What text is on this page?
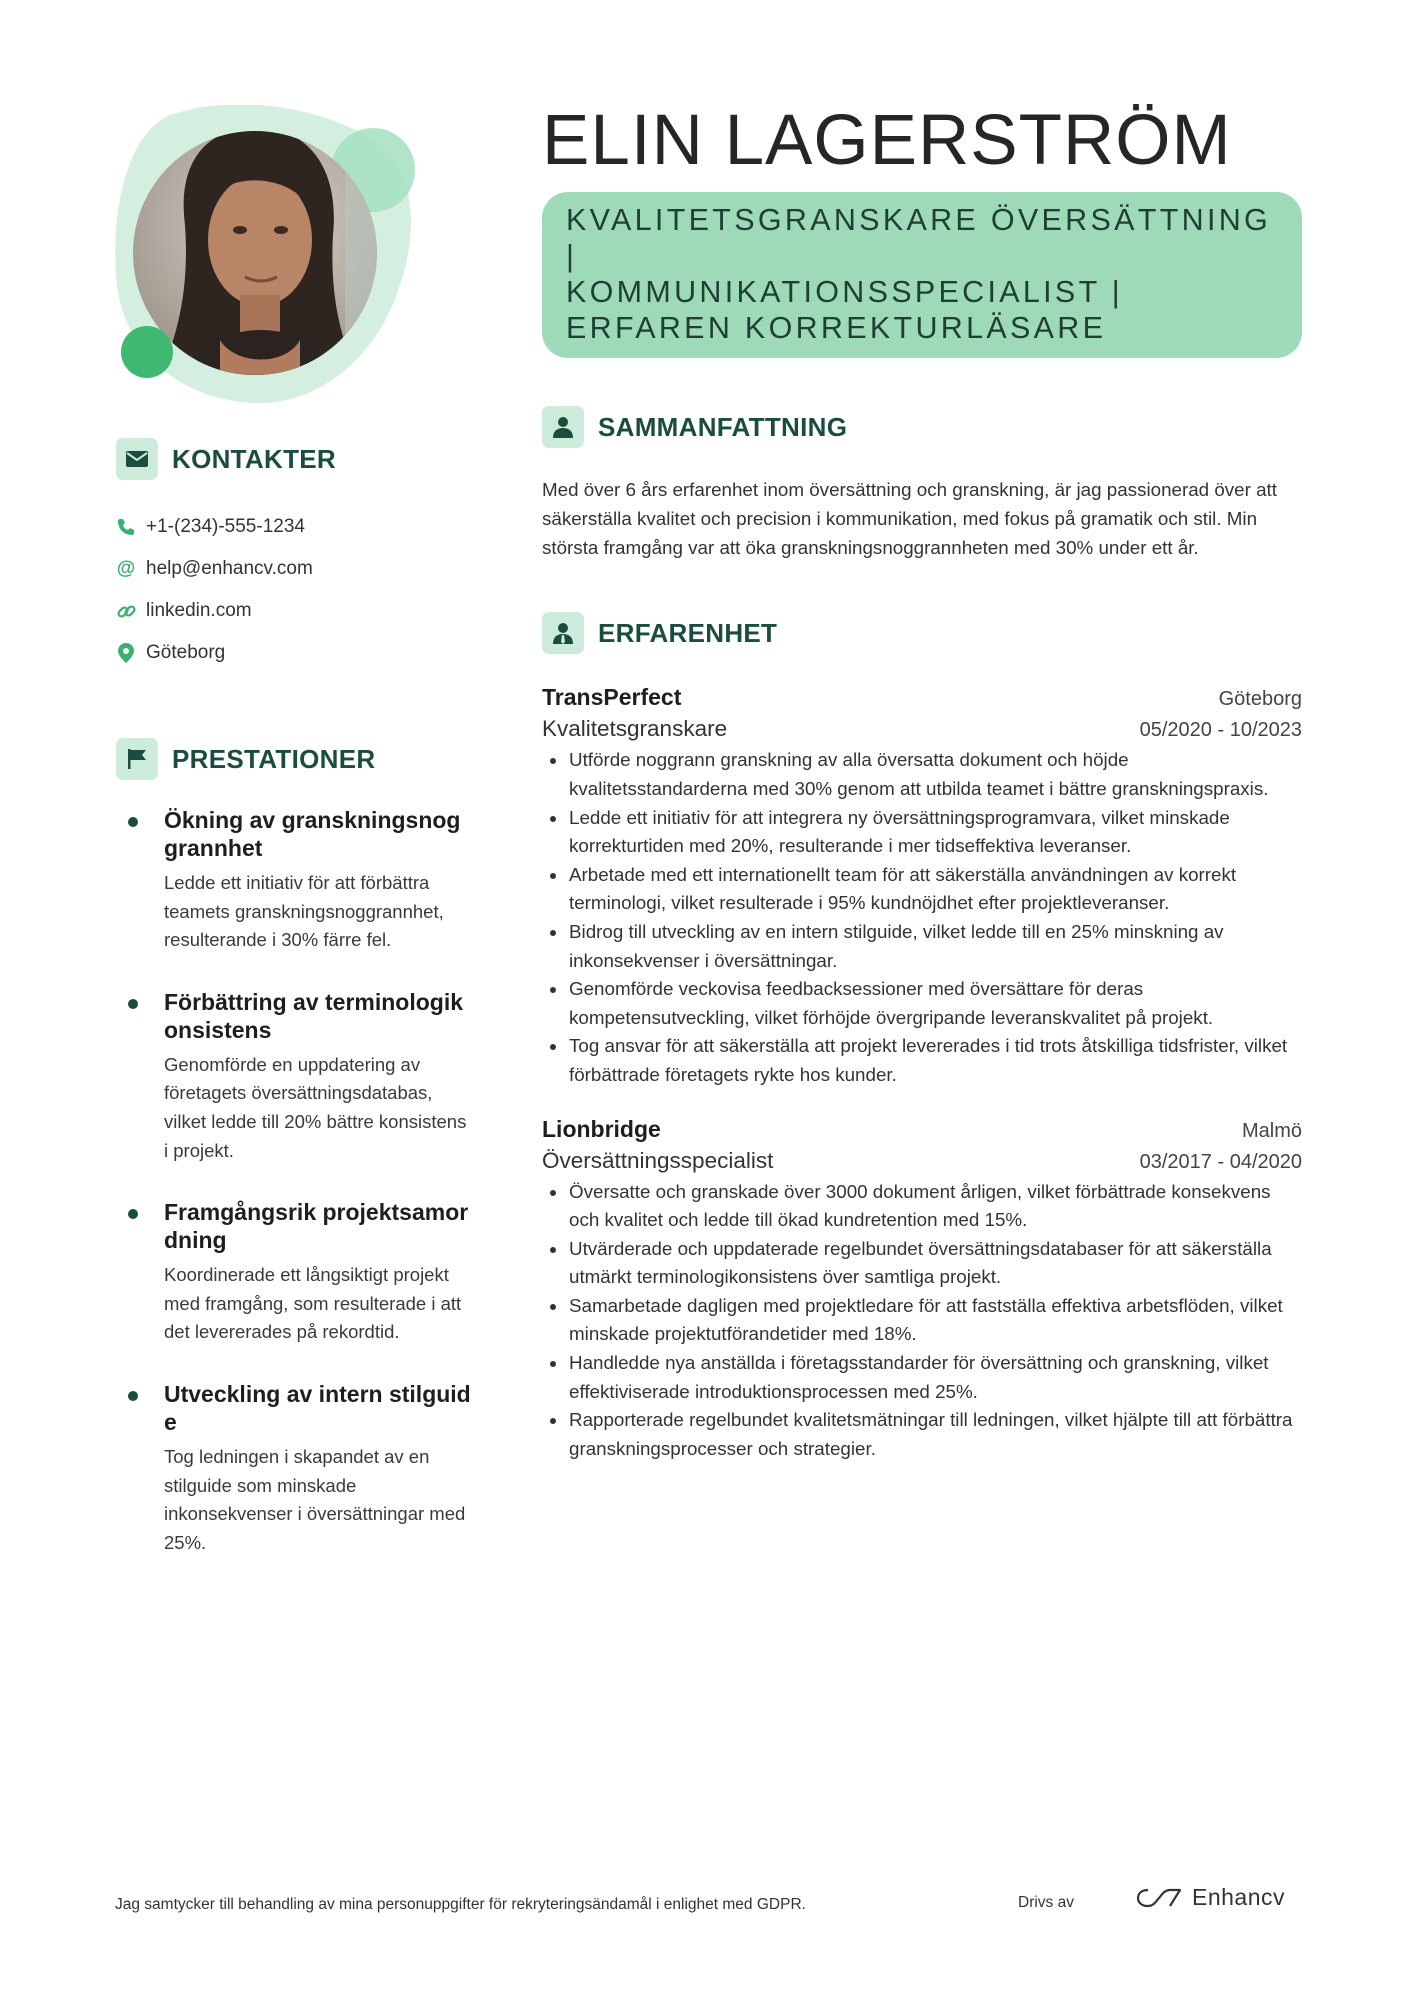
KONTAKTER
+1-(234)-555-1234
@ help@enhancv.com
linkedin.com
Göteborg
PRESTATIONER
Ökning av granskningsnoggrannhet
Ledde ett initiativ för att förbättra teamets granskningsnoggrannhet, resulterande i 30% färre fel.
Förbättring av terminologikonsistens
Genomförde en uppdatering av företagets översättningsdatabas, vilket ledde till 20% bättre konsistens i projekt.
Framgångsrik projektsamordning
Koordinerade ett långsiktigt projekt med framgång, som resulterade i att det levererades på rekordtid.
Utveckling av intern stilguide
Tog ledningen i skapandet av en stilguide som minskade inkonsekvenser i översättningar med 25%.
ELIN LAGERSTRÖM
KVALITETSGRANSKARE ÖVERSÄTTNING |
KOMMUNIKATIONSSPECIALIST |
ERFAREN KORREKTURLÄSARE
SAMMANFATTNING
Med över 6 års erfarenhet inom översättning och granskning, är jag passionerad över att säkerställa kvalitet och precision i kommunikation, med fokus på gramatik och stil. Min största framgång var att öka granskningsnoggrannheten med 30% under ett år.
ERFARENHET
TransPerfect	Göteborg
Kvalitetsgranskare	05/2020 - 10/2023
Utförde noggrann granskning av alla översatta dokument och höjde kvalitetsstandarderna med 30% genom att utbilda teamet i bättre granskningspraxis.
Ledde ett initiativ för att integrera ny översättningsprogramvara, vilket minskade korrekturtiden med 20%, resulterande i mer tidseffektiva leveranser.
Arbetade med ett internationellt team för att säkerställa användningen av korrekt terminologi, vilket resulterade i 95% kundnöjdhet efter projektleveranser.
Bidrog till utveckling av en intern stilguide, vilket ledde till en 25% minskning av inkonsekvenser i översättningar.
Genomförde veckovisa feedbacksessioner med översättare för deras kompetensutveckling, vilket förhöjde övergripande leveranskvalitet på projekt.
Tog ansvar för att säkerställa att projekt levererades i tid trots åtskilliga tidsfrister, vilket förbättrade företagets rykte hos kunder.
Lionbridge	Malmö
Översättningsspecialist	03/2017 - 04/2020
Översatte och granskade över 3000 dokument årligen, vilket förbättrade konsekvens och kvalitet och ledde till ökad kundretention med 15%.
Utvärderade och uppdaterade regelbundet översättningsdatabaser för att säkerställa utmärkt terminologikonsistens över samtliga projekt.
Samarbetade dagligen med projektledare för att fastställa effektiva arbetsflöden, vilket minskade projektutförandetider med 18%.
Handledde nya anställda i företagsstandarder för översättning och granskning, vilket effektiviserade introduktionsprocessen med 25%.
Rapporterade regelbundet kvalitetsmätningar till ledningen, vilket hjälpte till att förbättra granskningsprocesser och strategier.
Jag samtycker till behandling av mina personuppgifter för rekryteringsändamål i enlighet med GDPR.	Drivs av	Enhancv
